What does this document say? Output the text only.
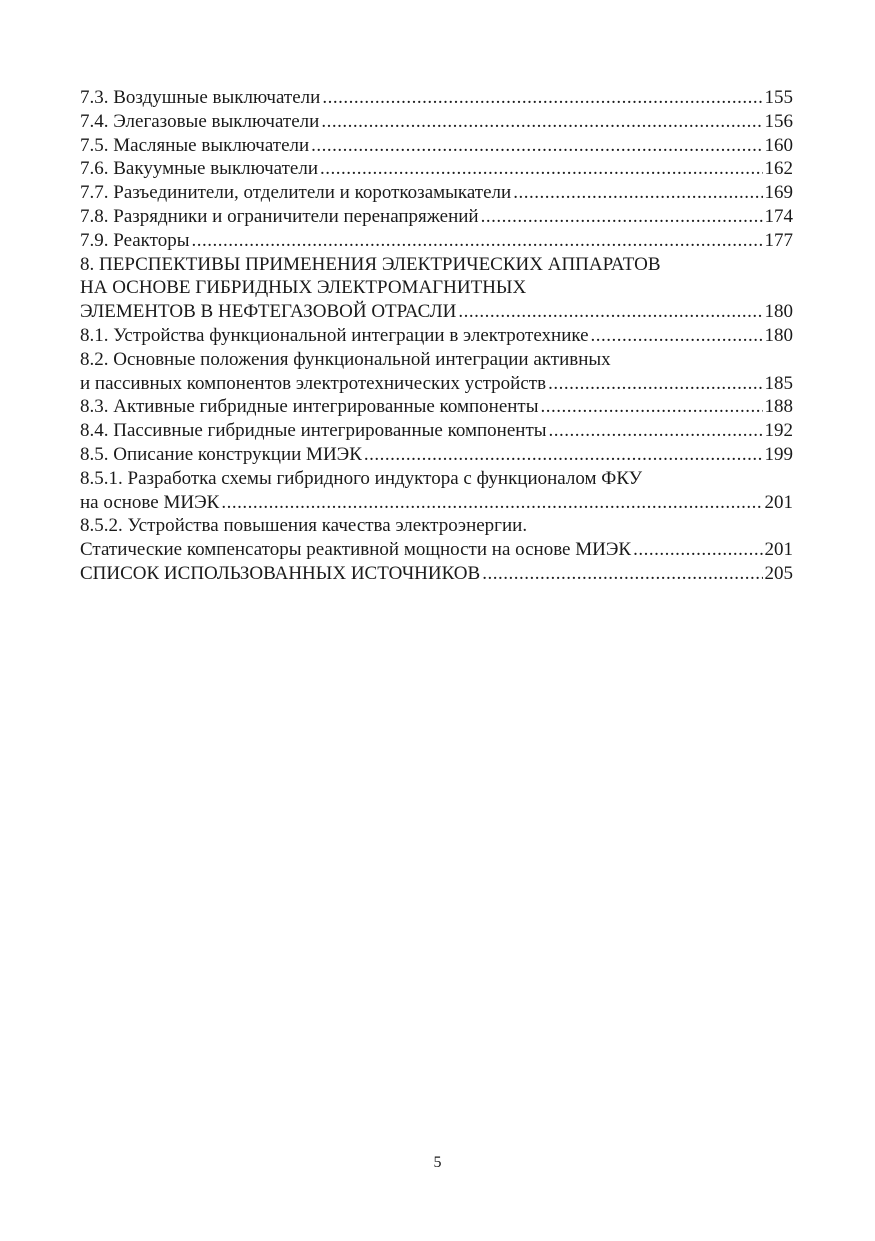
7.3. Воздушные выключатели .....	155
7.4. Элегазовые выключатели .....	156
7.5. Масляные выключатели .....	160
7.6. Вакуумные выключатели .....	162
7.7. Разъединители, отделители и короткозамыкатели .....	169
7.8. Разрядники и ограничители перенапряжений .....	174
7.9. Реакторы .....	177
8. ПЕРСПЕКТИВЫ ПРИМЕНЕНИЯ ЭЛЕКТРИЧЕСКИХ АППАРАТОВ
НА ОСНОВЕ ГИБРИДНЫХ ЭЛЕКТРОМАГНИТНЫХ
ЭЛЕМЕНТОВ В НЕФТЕГАЗОВОЙ ОТРАСЛИ .....	180
8.1. Устройства функциональной интеграции в электротехнике .....	180
8.2. Основные положения функциональной интеграции активных
и пассивных компонентов электротехнических устройств .....	185
8.3. Активные гибридные интегрированные компоненты .....	188
8.4. Пассивные гибридные интегрированные компоненты .....	192
8.5. Описание конструкции МИЭК .....	199
8.5.1. Разработка схемы гибридного индуктора с функционалом ФКУ
на основе МИЭК .....	201
8.5.2. Устройства повышения качества электроэнергии.
Статические компенсаторы реактивной мощности на основе МИЭК .....	201
СПИСОК ИСПОЛЬЗОВАННЫХ ИСТОЧНИКОВ .....	205
5
